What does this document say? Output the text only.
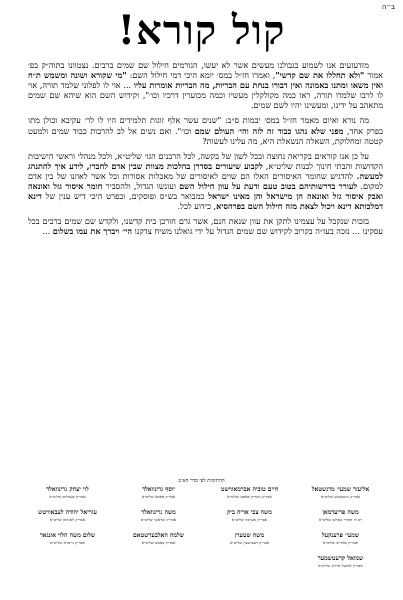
ב״ה
קול קורא!

מזדעזעים אנו לשמוע בגבולנו מעשים אשר לא יעשו, הגורמים חילול שם שמים ברבים. נצטוונו בתוה״ק בפ׳ אמור "ולא תחללו את שם קדשי", ואמרו חז״ל במס׳ יומא היכי דמי חילול השם: "מי שקורא ושונה ומשמש ת״ח ואין משאו ומתנו באמונה ואין דבורו בנחת עם הבריות, מה הבריות אומרות עליו ... אוי לו לפלוני שלמד תורה, אוי לו לרבו שלמדו תורה, ראו כמה מקולקלין מעשיו וכמה מכוערין דרכיו וכו׳", וקידוש השם הוא שיהא שם שמים מתאהב על ידינו, ומעשינו יהיו לשם שמים.

מה נורא ואיום מאמר חז״ל במס׳ יבמות ס״ב: "שנים עשר אלף זוגות תלמידים היו לו לר׳ עקיבא וכולן מתו בפרק אחד, מפני שלא נהגו כבוד זה לזה והי׳ העולם שמם וכו׳". ואם נשים אל לב להרבות כבוד שמים ולמעט קטטה ומחלוקת, השאלה הנשאלת היא, מה עלינו לעשות?

על כן אנו קוראים בקריאה נחוצה ובכל לשון של בקשה, לכל הרבנים הגו׳ שליט״א, ולכל מנהלי וראשי הישיבות הקדושות והבתי חינוך לבנות שליט״א, לקבוע שיעורים בסדרן בהלכות מצוות שבין אדם לחברו, לידע איך להתנהג למעשה. להדגיש שחומר האיסורים האלו הם שוים לאיסורים של מאכלות אסורות ובל אשר לאוזנו של בין אדם למקום. לעורר בדרשותיהם בטוב טעם ודעת על עוון חילול השם ועונשו הגדול, ולהסביר חומר איסור גזל ואונאה ואבק איסור גזל ואונאה הן מישראל והן מאינו ישראל כמבואר בש״ס ופוסקים, ובפרט היכי דיש ענין של דינא דמלכותא דינא ויכול לצאת מזה חילול השם בפרהסיא, כידוע לכל.

בזכות שנקבל על עצמינו לתקן את עוון שנאת חנם, אשר גרם חורבן בית קדשנו, ולקדש שם שמים ברבים בכל עסקינו ... נזכה בעז״ה בקרוב לקידוש שם שמים הגדול על ידי גואלנו משיח צדקנו הי״ ויברך את עמו בשלום ...

ההתימות לפי סדר הא״ב
אליעזר שמעי׳ מרגשטאל
אבד״ק מונקאטש שליט״א
חיים טוביה אברמאווישט
אבד״ק ומגדיק פאפא שליט״א
יוסף גרינוואלד
אבד״ק פאפא שליט״א
לוי יצחק גרינוואלד
אבד״ק צעהלים שליט״א
משה פריעדמאן
רב ה׳ חסידי טאהש שליט״א
משה צבי אריה ביק
אבד״ק מעזיבוז שליט״א
משה גרינוואלד
אבד״ק שראשי שליט״א
עזריאל יהודה לעבאוויטש
אבד״ק לאנדאן שליט״א
שמעי׳ פרענקעל
אבד״ק פאריש שליט״א
משה שטערן
אבד״ק דעברעצין שליט״א
שלמה האלבערשטאם
אבד״ק באבוב שליט״א
שלום משה הלוי אונגאר
אבד״ק נייטרא שליט״א
שמואל קרעטשמער
אבד״ק אוהעל אייזיק שליט״א
